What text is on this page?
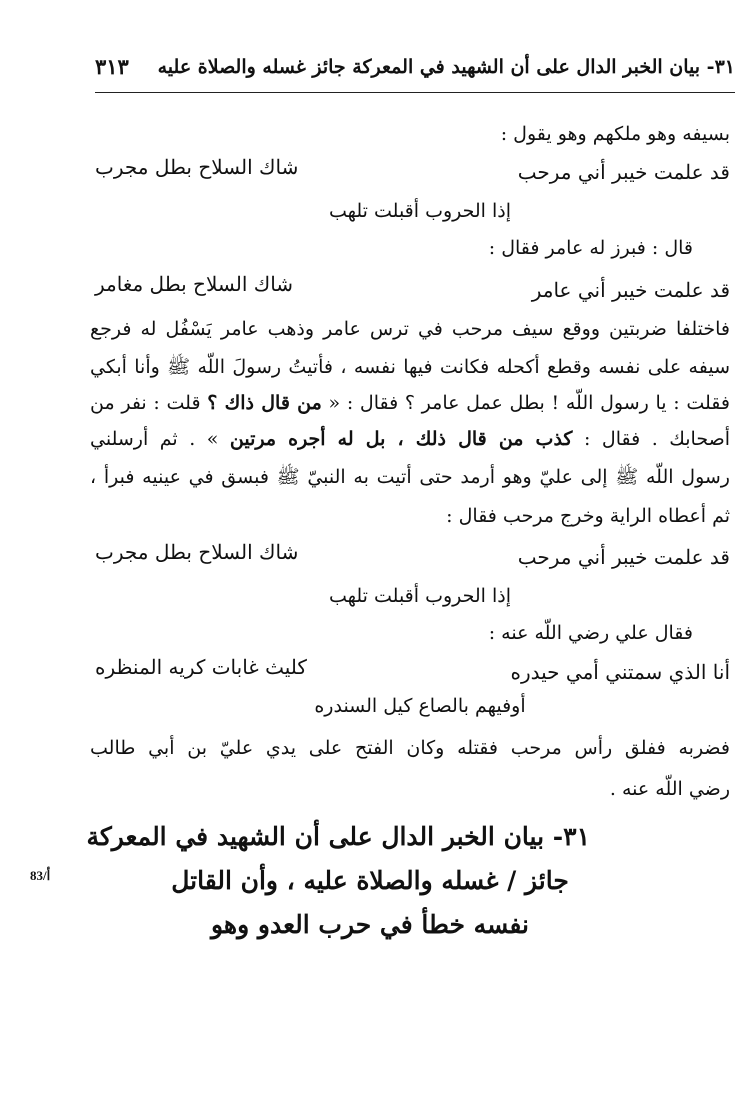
٣١- بيان الخبر الدال على أن الشهيد في المعركة جائز غسله والصلاة عليه
٣١٣
بسيفه وهو ملكهم وهو يقول :
قد علمت خيبر أني مرحب
شاك السلاح بطل مجرب
إذا الحروب أقبلت تلهب
قال : فبرز له عامر فقال :
قد علمت خيبر أني عامر
شاك السلاح بطل مغامر
فاختلفا ضربتين ووقع سيف مرحب في ترس عامر وذهب عامر يَسْفُل له فرجع
سيفه على نفسه وقطع أكحله فكانت فيها نفسه ، فأتيتُ رسولَ اللّه ﷺ وأنا أبكي
فقلت : يا رسول اللّه ! بطل عمل عامر ؟ فقال : « من قال ذاك ؟ قلت : نفر من
أصحابك . فقال : كذب من قال ذلك ، بل له أجره مرتين » . ثم أرسلني
رسول اللّه ﷺ إلى عليّ وهو أرمد حتى أتيت به النبيّ ﷺ فبسق في عينيه فبرأ ،
ثم أعطاه الراية وخرج مرحب فقال :
قد علمت خيبر أني مرحب
شاك السلاح بطل مجرب
إذا الحروب أقبلت تلهب
فقال علي رضي اللّه عنه :
أنا الذي سمتني أمي حيدره
كليث غابات كريه المنظره
أوفيهم بالصاع كيل السندره
فضربه ففلق رأس مرحب فقتله وكان الفتح على يدي عليّ بن أبي طالب
رضي اللّه عنه .
٣١- بيان الخبر الدال على أن الشهيد في المعركة
جائز / غسله والصلاة عليه ، وأن القاتل
نفسه خطأ في حرب العدو وهو
83/أ
